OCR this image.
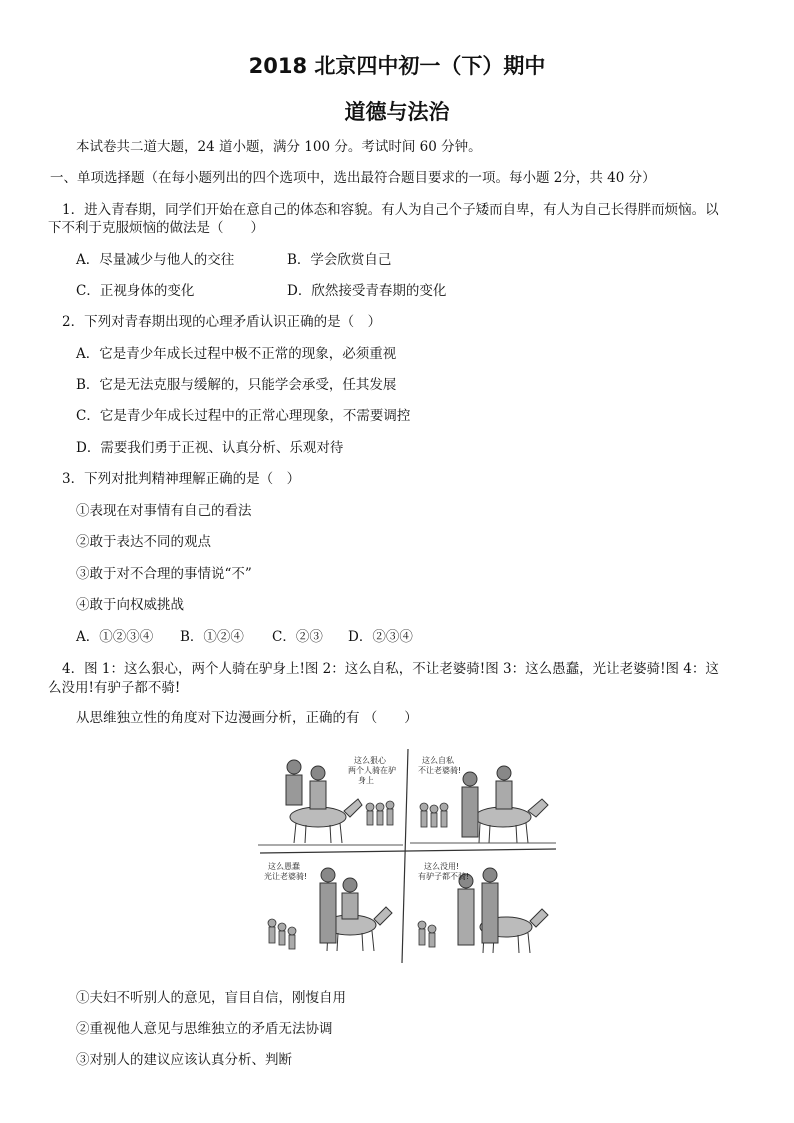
2018 北京四中初一（下）期中
道德与法治
本试卷共二道大题，24 道小题，满分 100 分。考试时间 60 分钟。
一、单项选择题（在每小题列出的四个选项中，选出最符合题目要求的一项。每小题 2分，共 40 分）
1．进入青春期，同学们开始在意自己的体态和容貌。有人为自己个子矮而自卑，有人为自己长得胖而烦恼。以
下不利于克服烦恼的做法是（　　）
A．尽量减少与他人的交往	B．学会欣赏自己
C．正视身体的变化	D．欣然接受青春期的变化
2．下列对青春期出现的心理矛盾认识正确的是（　）
A．它是青少年成长过程中极不正常的现象，必须重视
B．它是无法克服与缓解的，只能学会承受，任其发展
C．它是青少年成长过程中的正常心理现象，不需要调控
D．需要我们勇于正视、认真分析、乐观对待
3．下列对批判精神理解正确的是（　）
①表现在对事情有自己的看法
②敢于表达不同的观点
③敢于对不合理的事情说“不”
④敢于向权威挑战
A．①②③④ B．①②④ C．②③ D．②③④
4．图 1：这么狠心，两个人骑在驴身上!图 2：这么自私，不让老婆骑!图 3：这么愚蠢，光让老婆骑!图 4：这
么没用!有驴子都不骑!
从思维独立性的角度对下边漫画分析，正确的有 （　　）
这么狠心
两个人骑在驴
身上
这么自私
不让老婆骑!
这么愚蠢
光让老婆骑!
这么没用!
有驴子都不骑!
①夫妇不听别人的意见，盲目自信，刚愎自用
②重视他人意见与思维独立的矛盾无法协调
③对别人的建议应该认真分析、判断
